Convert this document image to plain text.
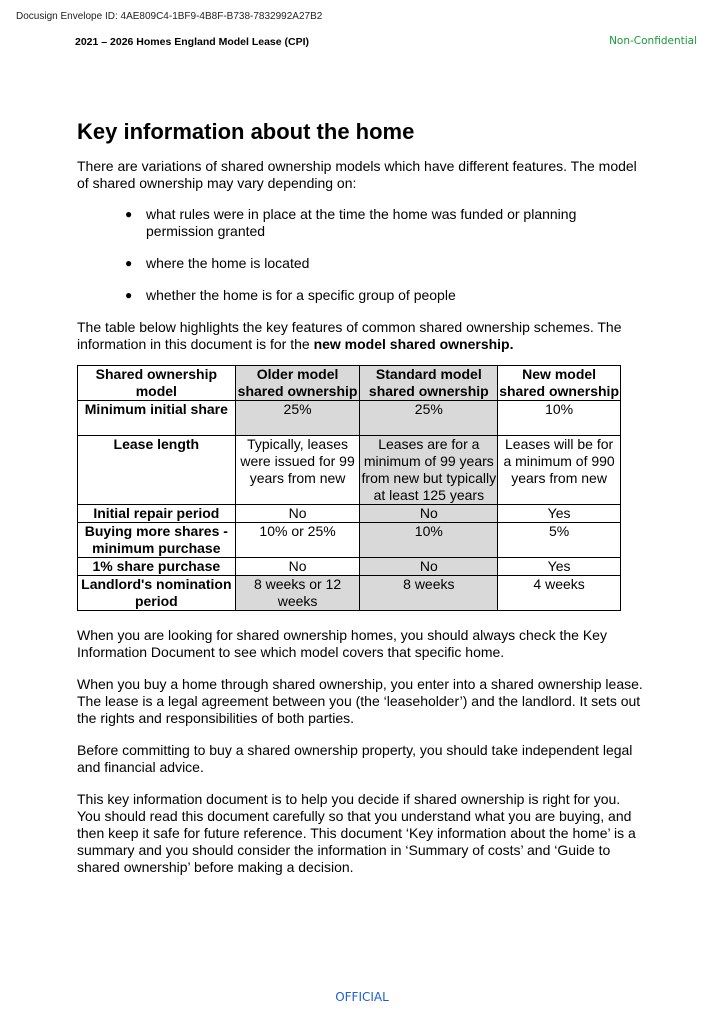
Docusign Envelope ID: 4AE809C4-1BF9-4B8F-B738-7832992A27B2
2021 – 2026 Homes England Model Lease (CPI)	Non-Confidential
Key information about the home

There are variations of shared ownership models which have different features. The model of shared ownership may vary depending on:

● what rules were in place at the time the home was funded or planning permission granted
● where the home is located
● whether the home is for a specific group of people

The table below highlights the key features of common shared ownership schemes. The information in this document is for the new model shared ownership.

Shared ownership model	Older model shared ownership	Standard model shared ownership	New model shared ownership
Minimum initial share	25%	25%	10%
Lease length	Typically, leases were issued for 99 years from new	Leases are for a minimum of 99 years from new but typically at least 125 years	Leases will be for a minimum of 990 years from new
Initial repair period	No	No	Yes
Buying more shares - minimum purchase	10% or 25%	10%	5%
1% share purchase	No	No	Yes
Landlord's nomination period	8 weeks or 12 weeks	8 weeks	4 weeks

When you are looking for shared ownership homes, you should always check the Key Information Document to see which model covers that specific home.

When you buy a home through shared ownership, you enter into a shared ownership lease. The lease is a legal agreement between you (the ‘leaseholder’) and the landlord. It sets out the rights and responsibilities of both parties.

Before committing to buy a shared ownership property, you should take independent legal and financial advice.

This key information document is to help you decide if shared ownership is right for you. You should read this document carefully so that you understand what you are buying, and then keep it safe for future reference. This document ‘Key information about the home’ is a summary and you should consider the information in ‘Summary of costs’ and ‘Guide to shared ownership’ before making a decision.

OFFICIAL
